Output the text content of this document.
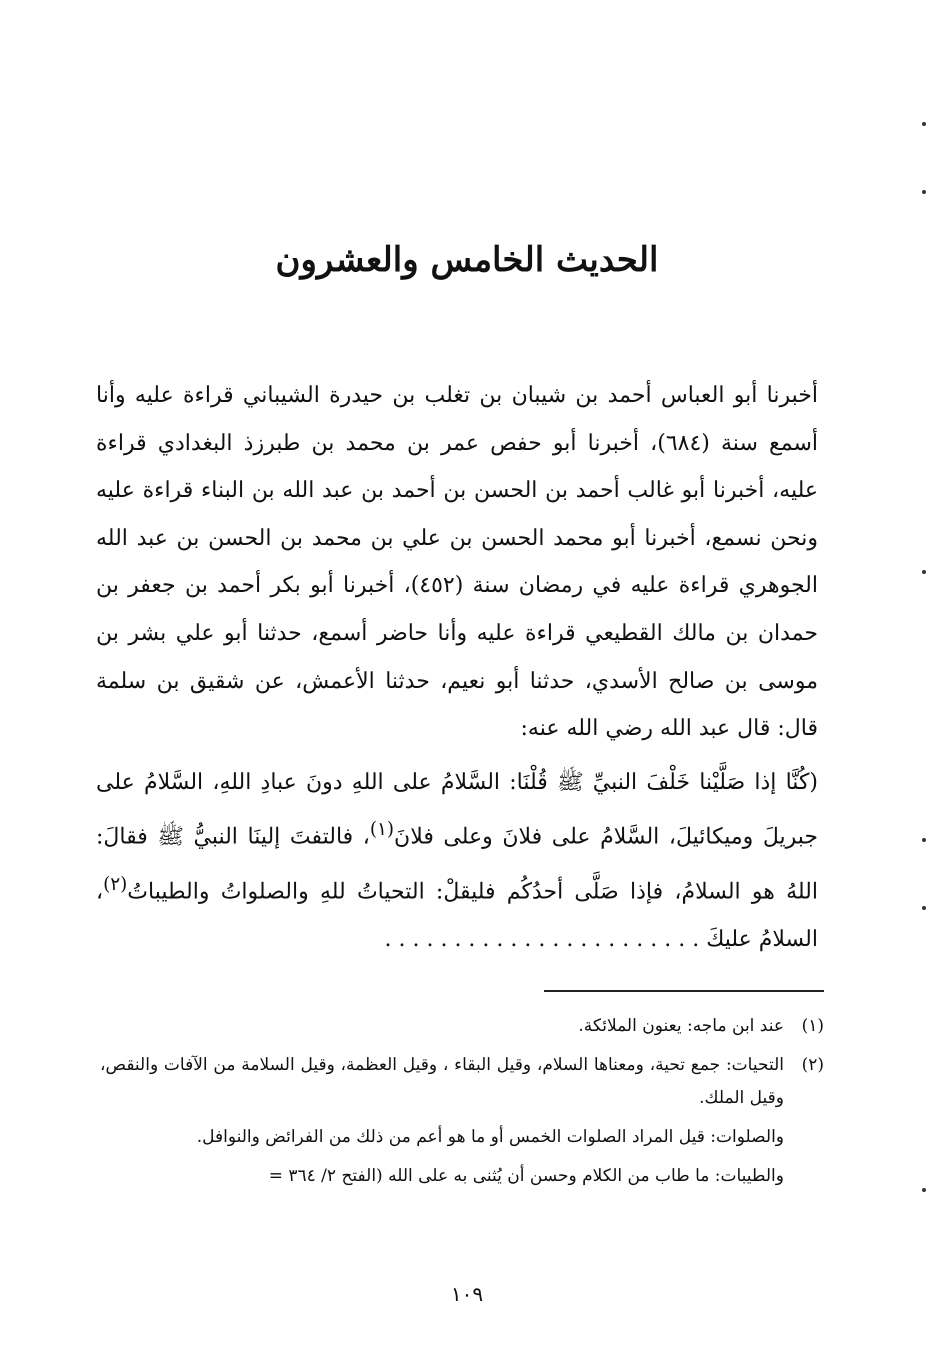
الحديث الخامس والعشرون

أخبرنا أبو العباس أحمد بن شيبان بن تغلب بن حيدرة الشيباني قراءة عليه وأنا أسمع سنة (٦٨٤)، أخبرنا أبو حفص عمر بن محمد بن طبرزذ البغدادي قراءة عليه، أخبرنا أبو غالب أحمد بن الحسن بن أحمد بن عبد الله بن البناء قراءة عليه ونحن نسمع، أخبرنا أبو محمد الحسن بن علي بن محمد بن الحسن بن عبد الله الجوهري قراءة عليه في رمضان سنة (٤٥٢)، أخبرنا أبو بكر أحمد بن جعفر بن حمدان بن مالك القطيعي قراءة عليه وأنا حاضر أسمع، حدثنا أبو علي بشر بن موسى بن صالح الأسدي، حدثنا أبو نعيم، حدثنا الأعمش، عن شقيق بن سلمة قال: قال عبد الله رضي الله عنه:

(كُنَّا إذا صَلَّيْنا خَلْفَ النبيِّ ﷺ قُلْنَا: السَّلامُ على اللهِ دونَ عبادِ اللهِ، السَّلامُ على جبريلَ وميكائيلَ، السَّلامُ على فلانَ وعلى فلانَ$^{(١)}$، فالتفتَ إلينَا النبيُّ ﷺ فقالَ: اللهُ هو السلامُ، فإذا صَلَّى أحدُكُم فليقلْ: التحياتُ للهِ والصلواتُ والطيباتُ$^{(٢)}$، السلامُ عليكَ . . . . . . . . . . . . . . . . . . . . . . .

(١)
عند ابن ماجه: يعنون الملائكة.
(٢)
التحيات: جمع تحية، ومعناها السلام، وقيل البقاء ، وقيل العظمة، وقيل السلامة من الآفات والنقص، وقيل الملك.
والصلوات: قيل المراد الصلوات الخمس أو ما هو أعم من ذلك من الفرائض والنوافل.
والطيبات: ما طاب من الكلام وحسن أن يُثنى به على الله (الفتح ٢/ ٣٦٤ =
١٠٩
